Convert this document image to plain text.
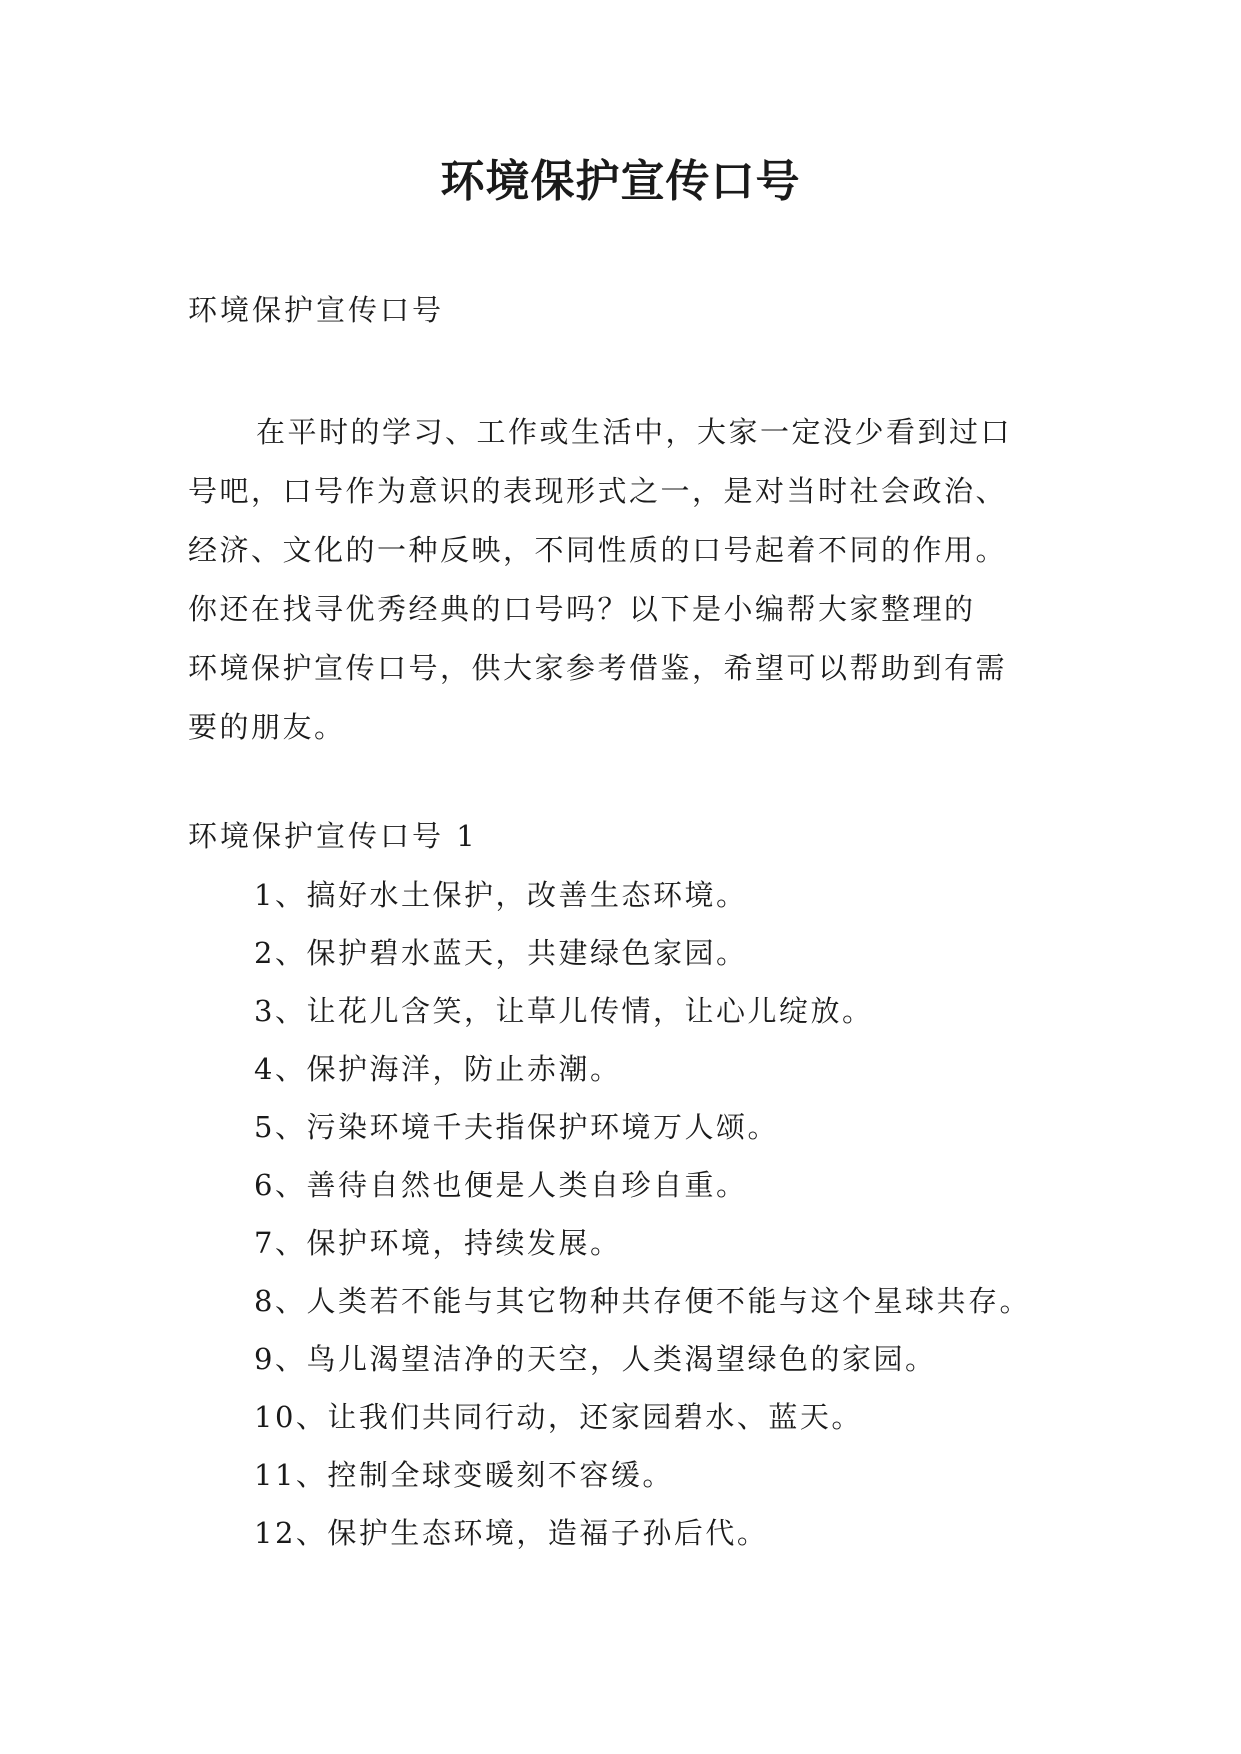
环境保护宣传口号

环境保护宣传口号

在平时的学习、工作或生活中，大家一定没少看到过口
号吧，口号作为意识的表现形式之一，是对当时社会政治、
经济、文化的一种反映，不同性质的口号起着不同的作用。
你还在找寻优秀经典的口号吗？以下是小编帮大家整理的
环境保护宣传口号，供大家参考借鉴，希望可以帮助到有需
要的朋友。

环境保护宣传口号 1

1、搞好水土保护，改善生态环境。
2、保护碧水蓝天，共建绿色家园。
3、让花儿含笑，让草儿传情，让心儿绽放。
4、保护海洋，防止赤潮。
5、污染环境千夫指保护环境万人颂。
6、善待自然也便是人类自珍自重。
7、保护环境，持续发展。
8、人类若不能与其它物种共存便不能与这个星球共存。
9、鸟儿渴望洁净的天空，人类渴望绿色的家园。
10、让我们共同行动，还家园碧水、蓝天。
11、控制全球变暖刻不容缓。
12、保护生态环境，造福子孙后代。
